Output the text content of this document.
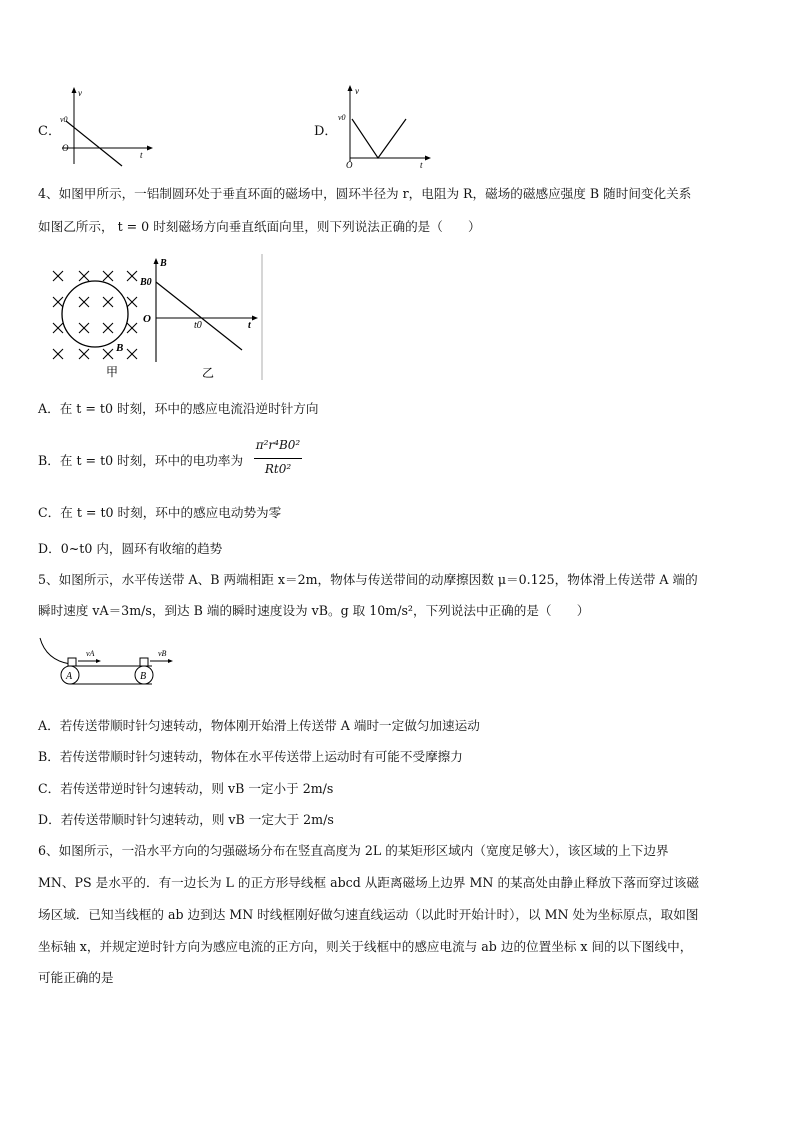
C．
v
v0
O
t
D．
v
v0
O	t
4、如图甲所示，一铝制圆环处于垂直环面的磁场中，圆环半径为 r，电阻为 R，磁场的磁感应强度 B 随时间变化关系
如图乙所示， t = 0 时刻磁场方向垂直纸面向里，则下列说法正确的是（　　）
B
甲
B
B0
O
t0	t
乙
A．在 t = t0 时刻，环中的感应电流沿逆时针方向
B．在 t = t0 时刻，环中的电功率为
π²r⁴B0²
Rt0²
C．在 t = t0 时刻，环中的感应电动势为零
D．0~t0 内，圆环有收缩的趋势
5、如图所示，水平传送带 A、B 两端相距 x＝2m，物体与传送带间的动摩擦因数 μ＝0.125，物体滑上传送带 A 端的
瞬时速度 vA＝3m/s，到达 B 端的瞬时速度设为 vB。g 取 10m/s²，下列说法中正确的是（　　）
vA	vB
A	B
A．若传送带顺时针匀速转动，物体刚开始滑上传送带 A 端时一定做匀加速运动
B．若传送带顺时针匀速转动，物体在水平传送带上运动时有可能不受摩擦力
C．若传送带逆时针匀速转动，则 vB 一定小于 2m/s
D．若传送带顺时针匀速转动，则 vB 一定大于 2m/s
6、如图所示，一沿水平方向的匀强磁场分布在竖直高度为 2L 的某矩形区域内（宽度足够大），该区域的上下边界
MN、PS 是水平的．有一边长为 L 的正方形导线框 abcd 从距离磁场上边界 MN 的某高处由静止释放下落而穿过该磁
场区域．已知当线框的 ab 边到达 MN 时线框刚好做匀速直线运动（以此时开始计时），以 MN 处为坐标原点，取如图
坐标轴 x，并规定逆时针方向为感应电流的正方向，则关于线框中的感应电流与 ab 边的位置坐标 x 间的以下图线中，
可能正确的是
